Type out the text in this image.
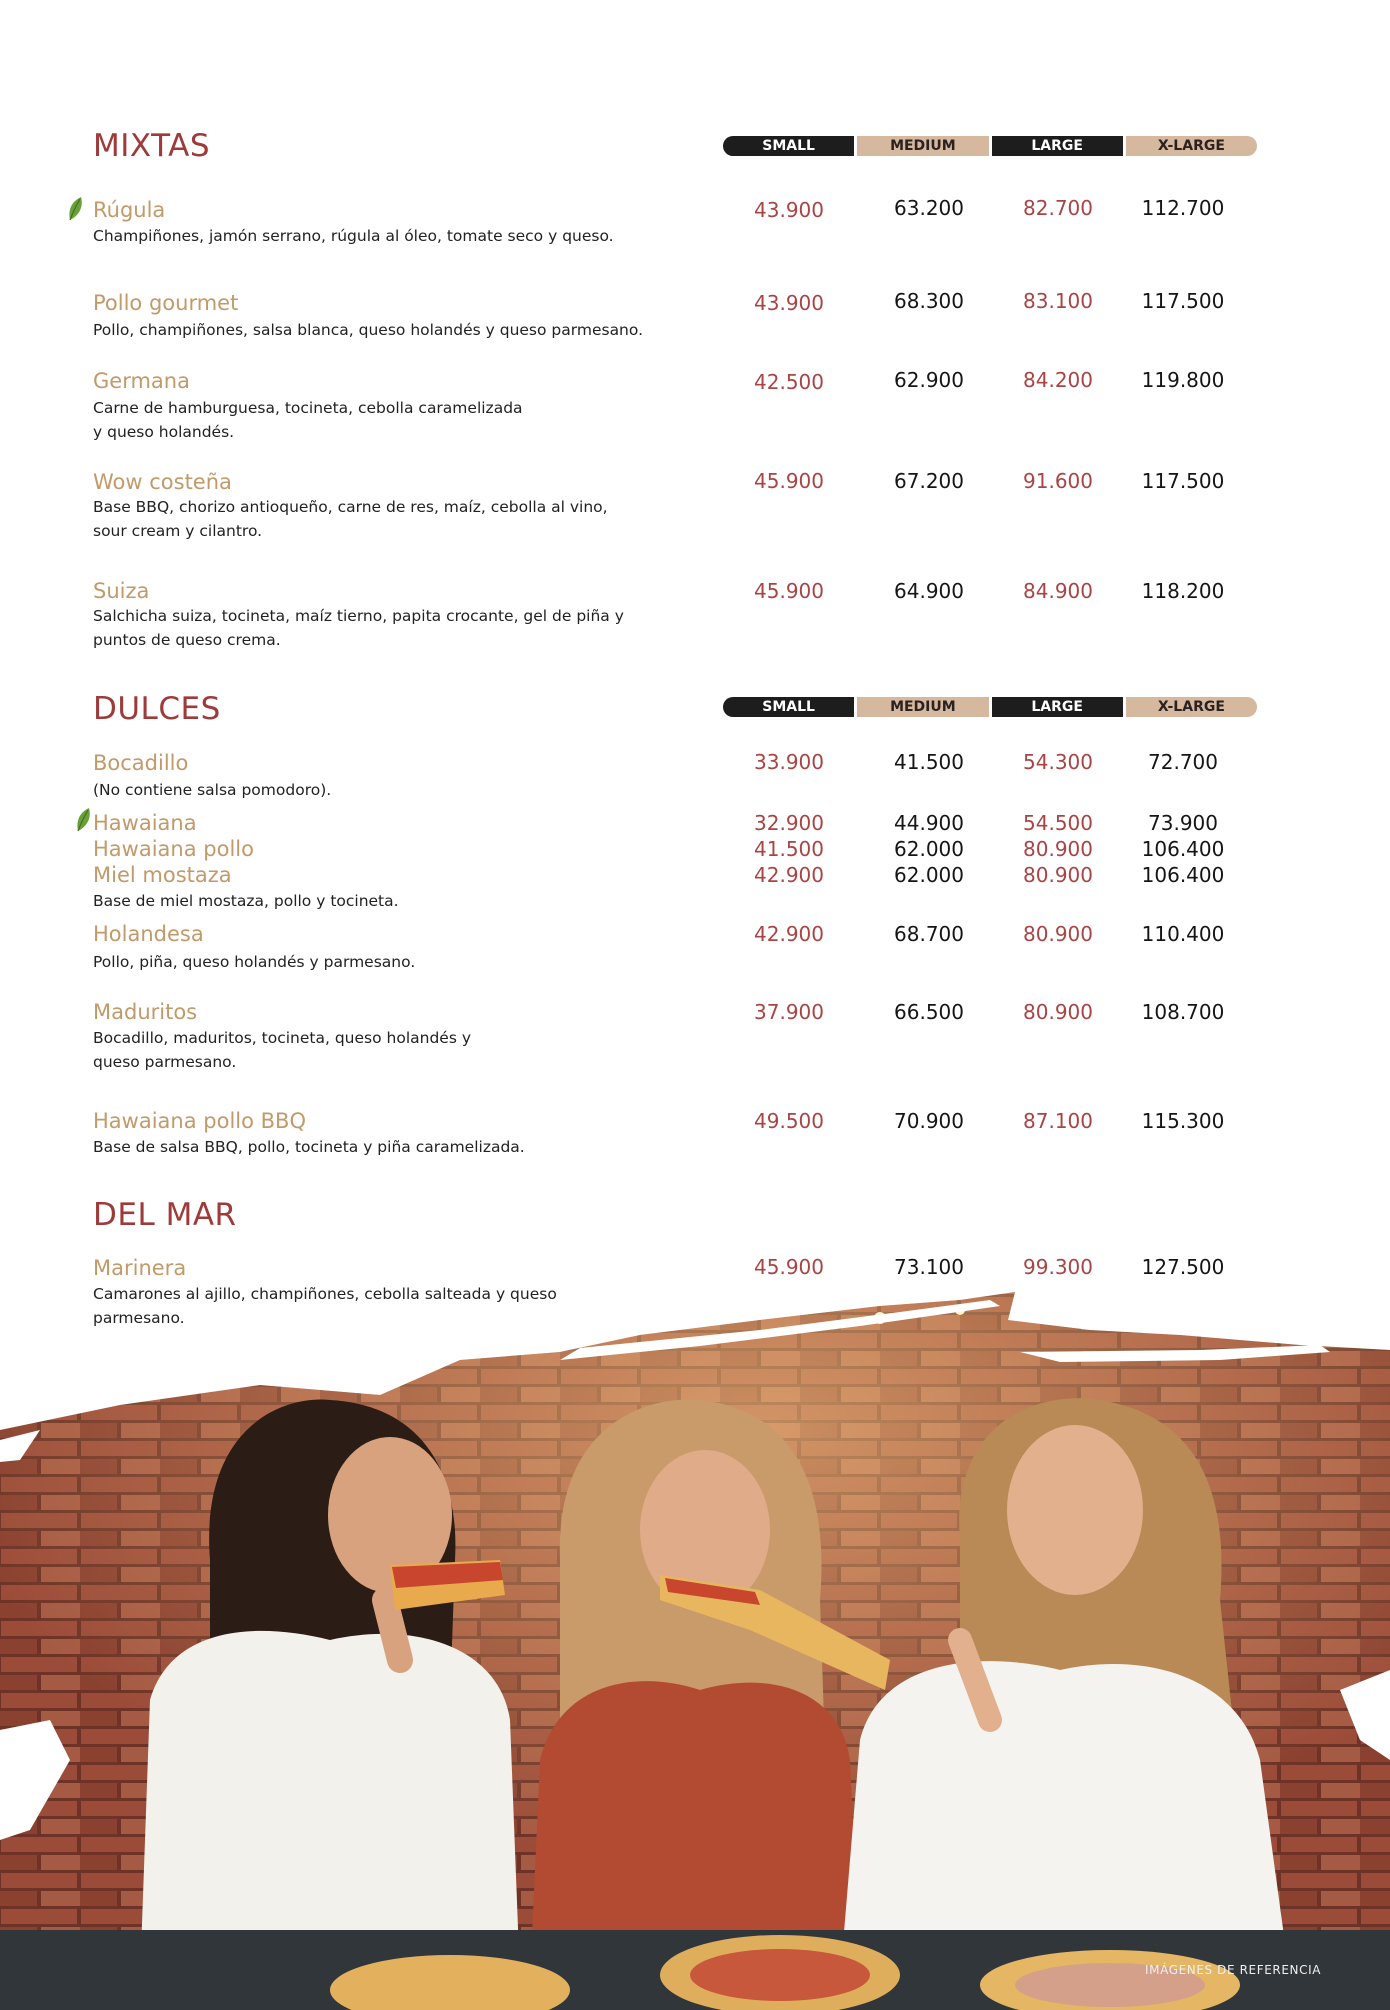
MIXTAS	SMALL	MEDIUM	LARGE	X-LARGE
Rúgula
Champiñones, jamón serrano, rúgula al óleo, tomate seco y queso.
43.900	63.200	82.700 112.700
Pollo gourmet
Pollo, champiñones, salsa blanca, queso holandés y queso parmesano.
43.900	68.300	83.100 117.500
Germana
Carne de hamburguesa, tocineta, cebolla caramelizada
y queso holandés.
42.500	62.900	84.200 119.800
Wow costeña
Base BBQ, chorizo antioqueño, carne de res, maíz, cebolla al vino,
sour cream y cilantro.
45.900	67.200	91.600 117.500
Suiza
Salchicha suiza, tocineta, maíz tierno, papita crocante, gel de piña y
puntos de queso crema.
45.900	64.900	84.900 118.200
DULCES	SMALL	MEDIUM	LARGE	X-LARGE
Bocadillo
(No contiene salsa pomodoro).
33.900	41.500	54.300	72.700
Hawaiana	32.900	44.900	54.500	73.900
Hawaiana pollo	41.500	62.000	80.900 106.400
Miel mostaza
Base de miel mostaza, pollo y tocineta.
42.900	62.000	80.900 106.400
Holandesa
Pollo, piña, queso holandés y parmesano.
42.900	68.700	80.900 110.400
Maduritos
Bocadillo, maduritos, tocineta, queso holandés y
queso parmesano.
37.900	66.500	80.900 108.700
Hawaiana pollo BBQ
Base de salsa BBQ, pollo, tocineta y piña caramelizada.
49.500	70.900	87.100 115.300
DEL MAR
Marinera
Camarones al ajillo, champiñones, cebolla salteada y queso
parmesano.
45.900	73.100	99.300 127.500
IMÁGENES DE REFERENCIA
